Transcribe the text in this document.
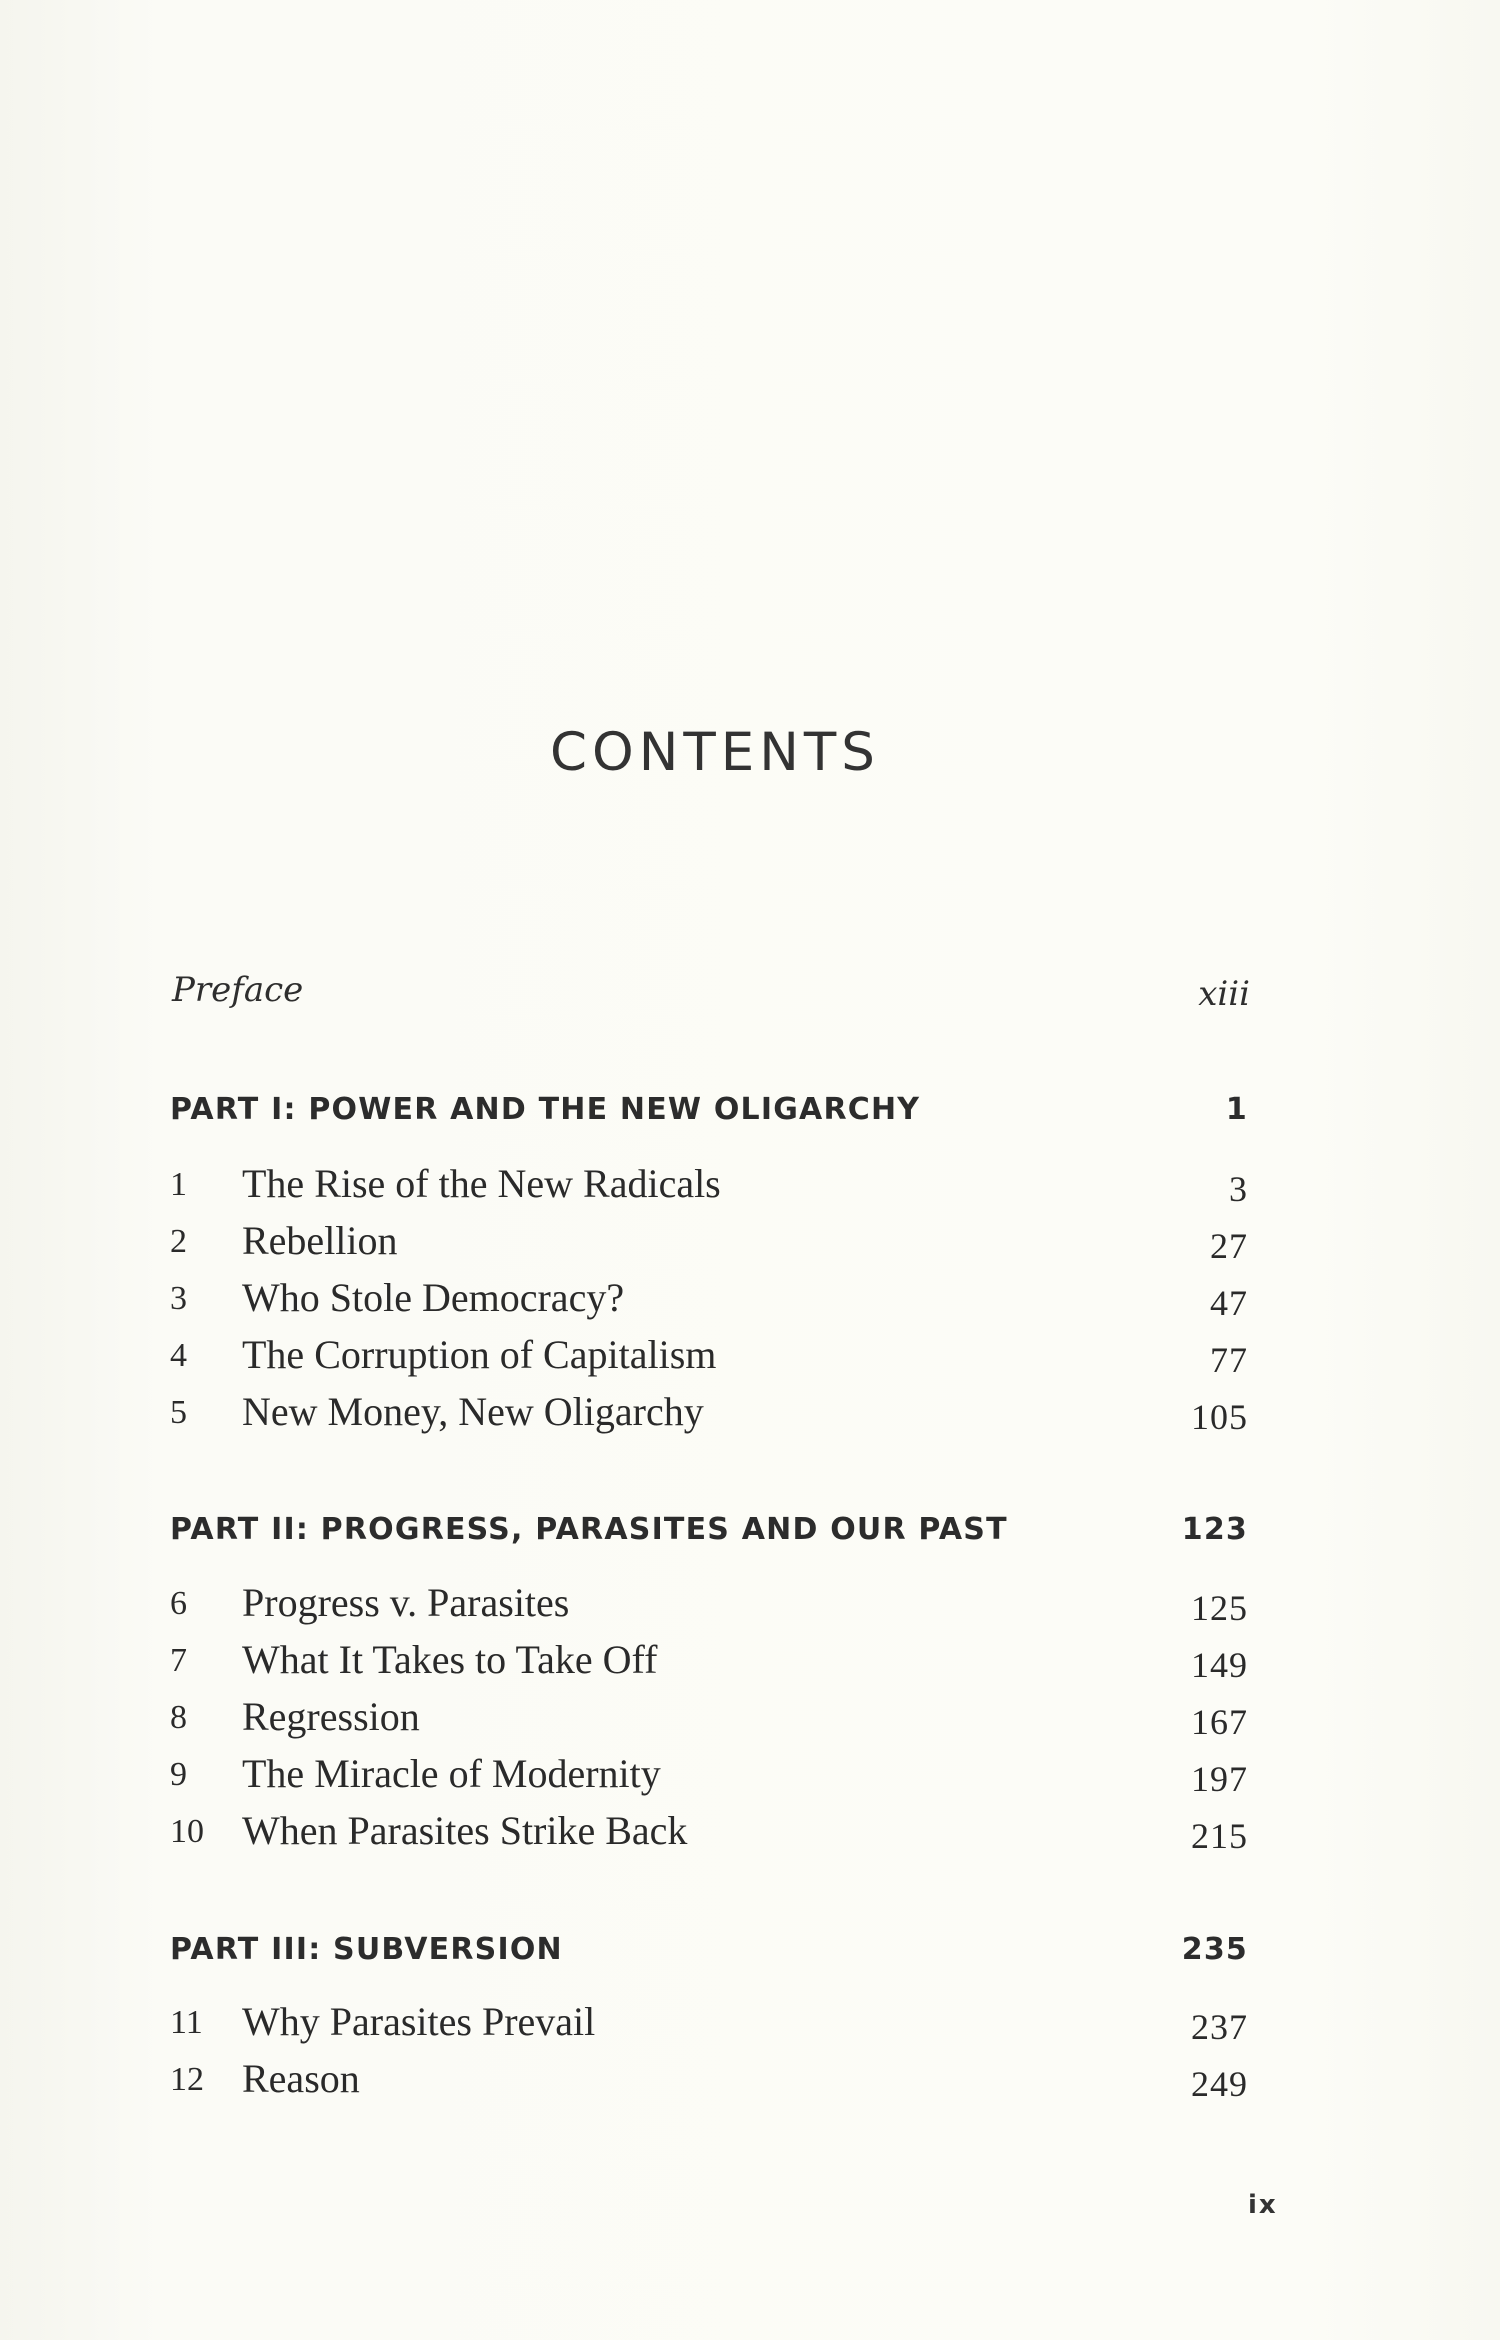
CONTENTS
Preface	xiii
PART I: POWER AND THE NEW OLIGARCHY	1
1 The Rise of the New Radicals	3
2 Rebellion	27
3 Who Stole Democracy?	47
4 The Corruption of Capitalism	77
5 New Money, New Oligarchy	105
PART II: PROGRESS, PARASITES AND OUR PAST	123
6 Progress v. Parasites	125
7 What It Takes to Take Off	149
8 Regression	167
9 The Miracle of Modernity	197
10 When Parasites Strike Back	215
PART III: SUBVERSION	235
11 Why Parasites Prevail	237
12 Reason	249
ix
